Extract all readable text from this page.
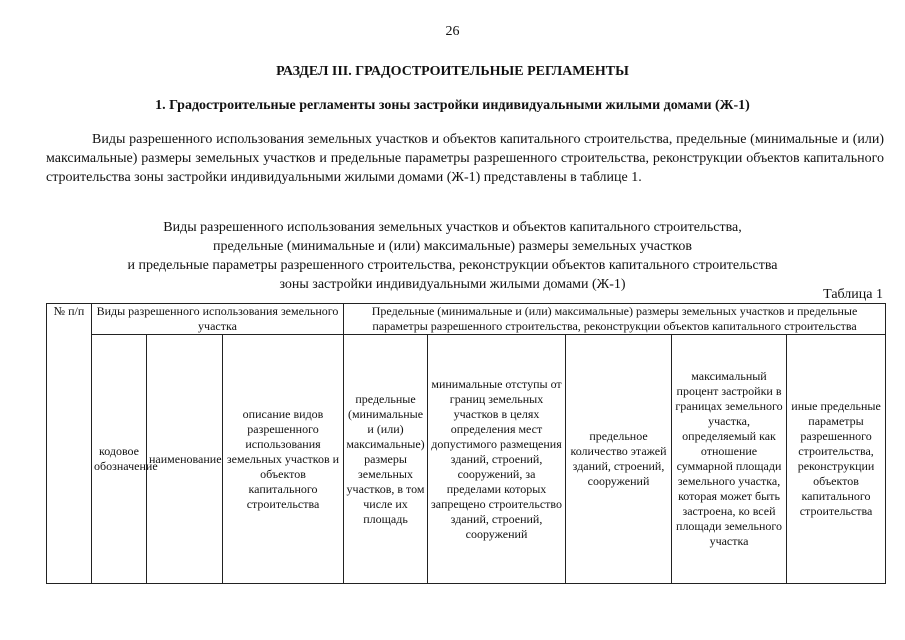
26
РАЗДЕЛ III. ГРАДОСТРОИТЕЛЬНЫЕ РЕГЛАМЕНТЫ
1. Градостроительные регламенты зоны застройки индивидуальными жилыми домами (Ж-1)

Виды разрешенного использования земельных участков и объектов капитального строительства, предельные (минимальные и (или) максимальные) размеры земельных участков и предельные параметры разрешенного строительства, реконструкции объектов капитального строительства зоны застройки индивидуальными жилыми домами (Ж-1) представлены в таблице 1.

Виды разрешенного использования земельных участков и объектов капитального строительства,
предельные (минимальные и (или) максимальные) размеры земельных участков
и предельные параметры разрешенного строительства, реконструкции объектов капитального строительства
зоны застройки индивидуальными жилыми домами (Ж-1)
Таблица 1
№ п/п	Виды разрешенного использования земельного участка			Предельные (минимальные и (или) максимальные) размеры земельных участков и предельные параметры разрешенного строительства, реконструкции объектов капитального строительства				
	кодовое обозначение	наименование	описание видов разрешенного использования земельных участков и объектов капитального строительства	предельные (минимальные и (или) максимальные) размеры земельных участков, в том числе их площадь	минимальные отступы от границ земельных участков в целях определения мест допустимого размещения зданий, строений, сооружений, за пределами которых запрещено строительство зданий, строений, сооружений	предельное количество этажей зданий, строений, сооружений	максимальный процент застройки в границах земельного участка, определяемый как отношение суммарной площади земельного участка, которая может быть застроена, ко всей площади земельного участка	иные предельные параметры разрешенного строительства, реконструкции объектов капитального строительства
